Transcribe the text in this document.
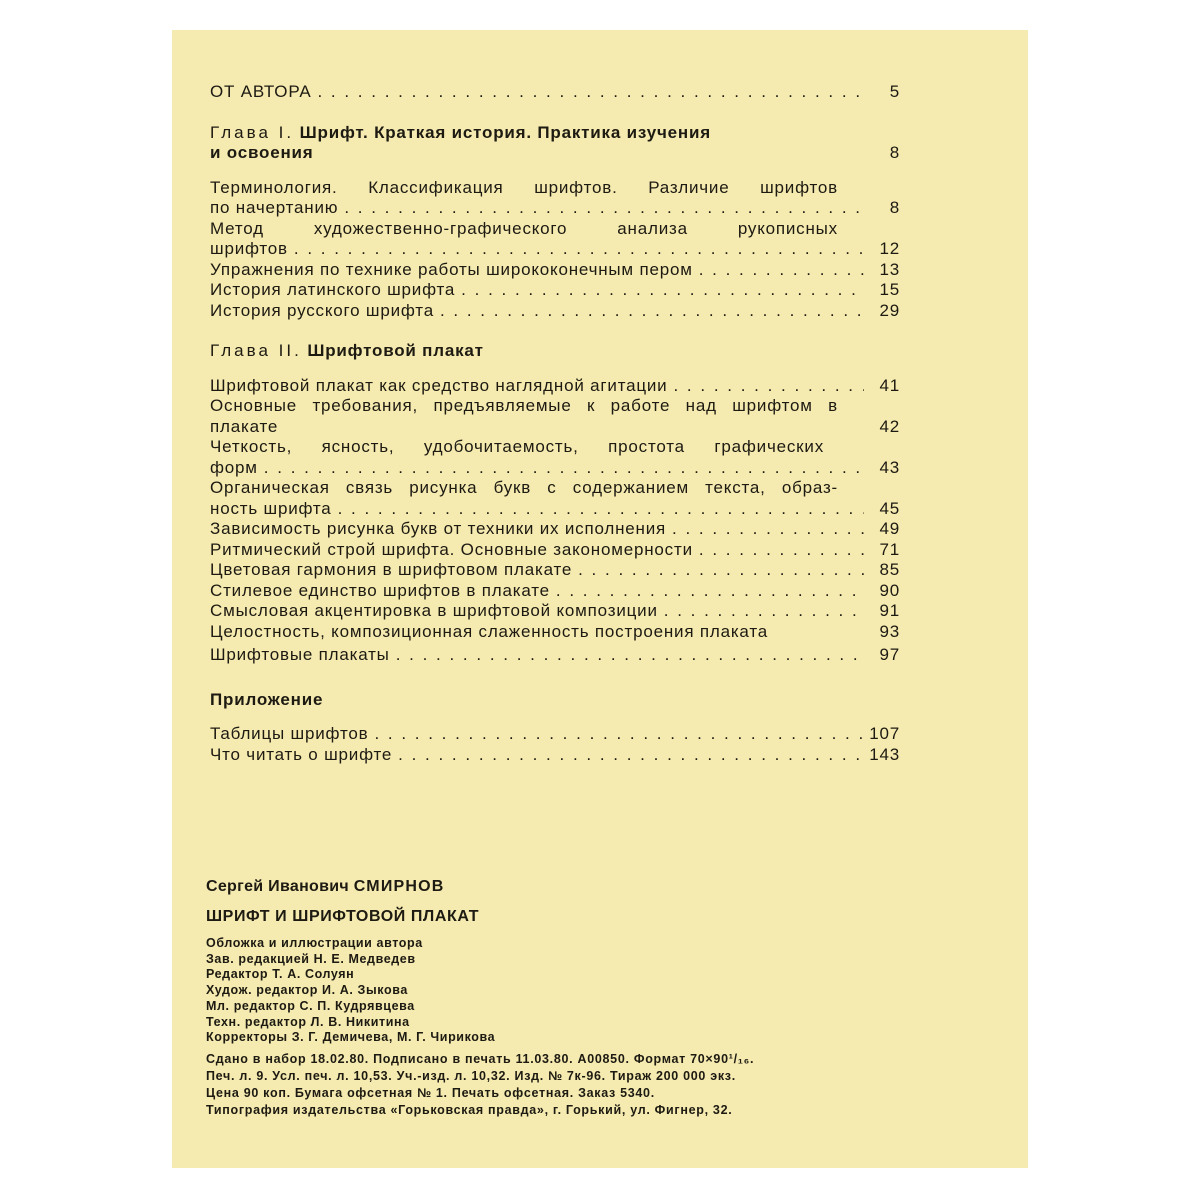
ОТ АВТОРА . . .	5
Глава I. Шрифт. Краткая история. Практика изучения
и освоения	8
Терминология. Классификация шрифтов. Различие шрифтов
по начертанию . . .	8
Метод художественно-графического анализа рукописных
шрифтов . . .	12
Упражнения по технике работы ширококонечным пером . . .	13
История латинского шрифта . . .	15
История русского шрифта . . .	29
Глава II. Шрифтовой плакат
Шрифтовой плакат как средство наглядной агитации . . .	41
Основные требования, предъявляемые к работе над шрифтом в
плакате	42
Четкость, ясность, удобочитаемость, простота графических
форм . . .	43
Органическая связь рисунка букв с содержанием текста, образ-
ность шрифта . . .	45
Зависимость рисунка букв от техники их исполнения . . .	49
Ритмический строй шрифта. Основные закономерности . . .	71
Цветовая гармония в шрифтовом плакате . . .	85
Стилевое единство шрифтов в плакате . . .	90
Смысловая акцентировка в шрифтовой композиции . . .	91
Целостность, композиционная слаженность построения плаката	93
Шрифтовые плакаты . . .	97
Приложение
Таблицы шрифтов . . .	107
Что читать о шрифте . . .	143
Сергей Иванович СМИРНОВ
ШРИФТ И ШРИФТОВОЙ ПЛАКАТ
Обложка и иллюстрации автора
Зав. редакцией Н. Е. Медведев
Редактор Т. А. Солуян
Худож. редактор И. А. Зыкова
Мл. редактор С. П. Кудрявцева
Техн. редактор Л. В. Никитина
Корректоры З. Г. Демичева, М. Г. Чирикова
Сдано в набор 18.02.80. Подписано в печать 11.03.80. А00850. Формат 70×90¹/₁₆.
Печ. л. 9. Усл. печ. л. 10,53. Уч.-изд. л. 10,32. Изд. № 7к-96. Тираж 200 000 экз.
Цена 90 коп. Бумага офсетная № 1. Печать офсетная. Заказ 5340.
Типография издательства «Горьковская правда», г. Горький, ул. Фигнер, 32.
